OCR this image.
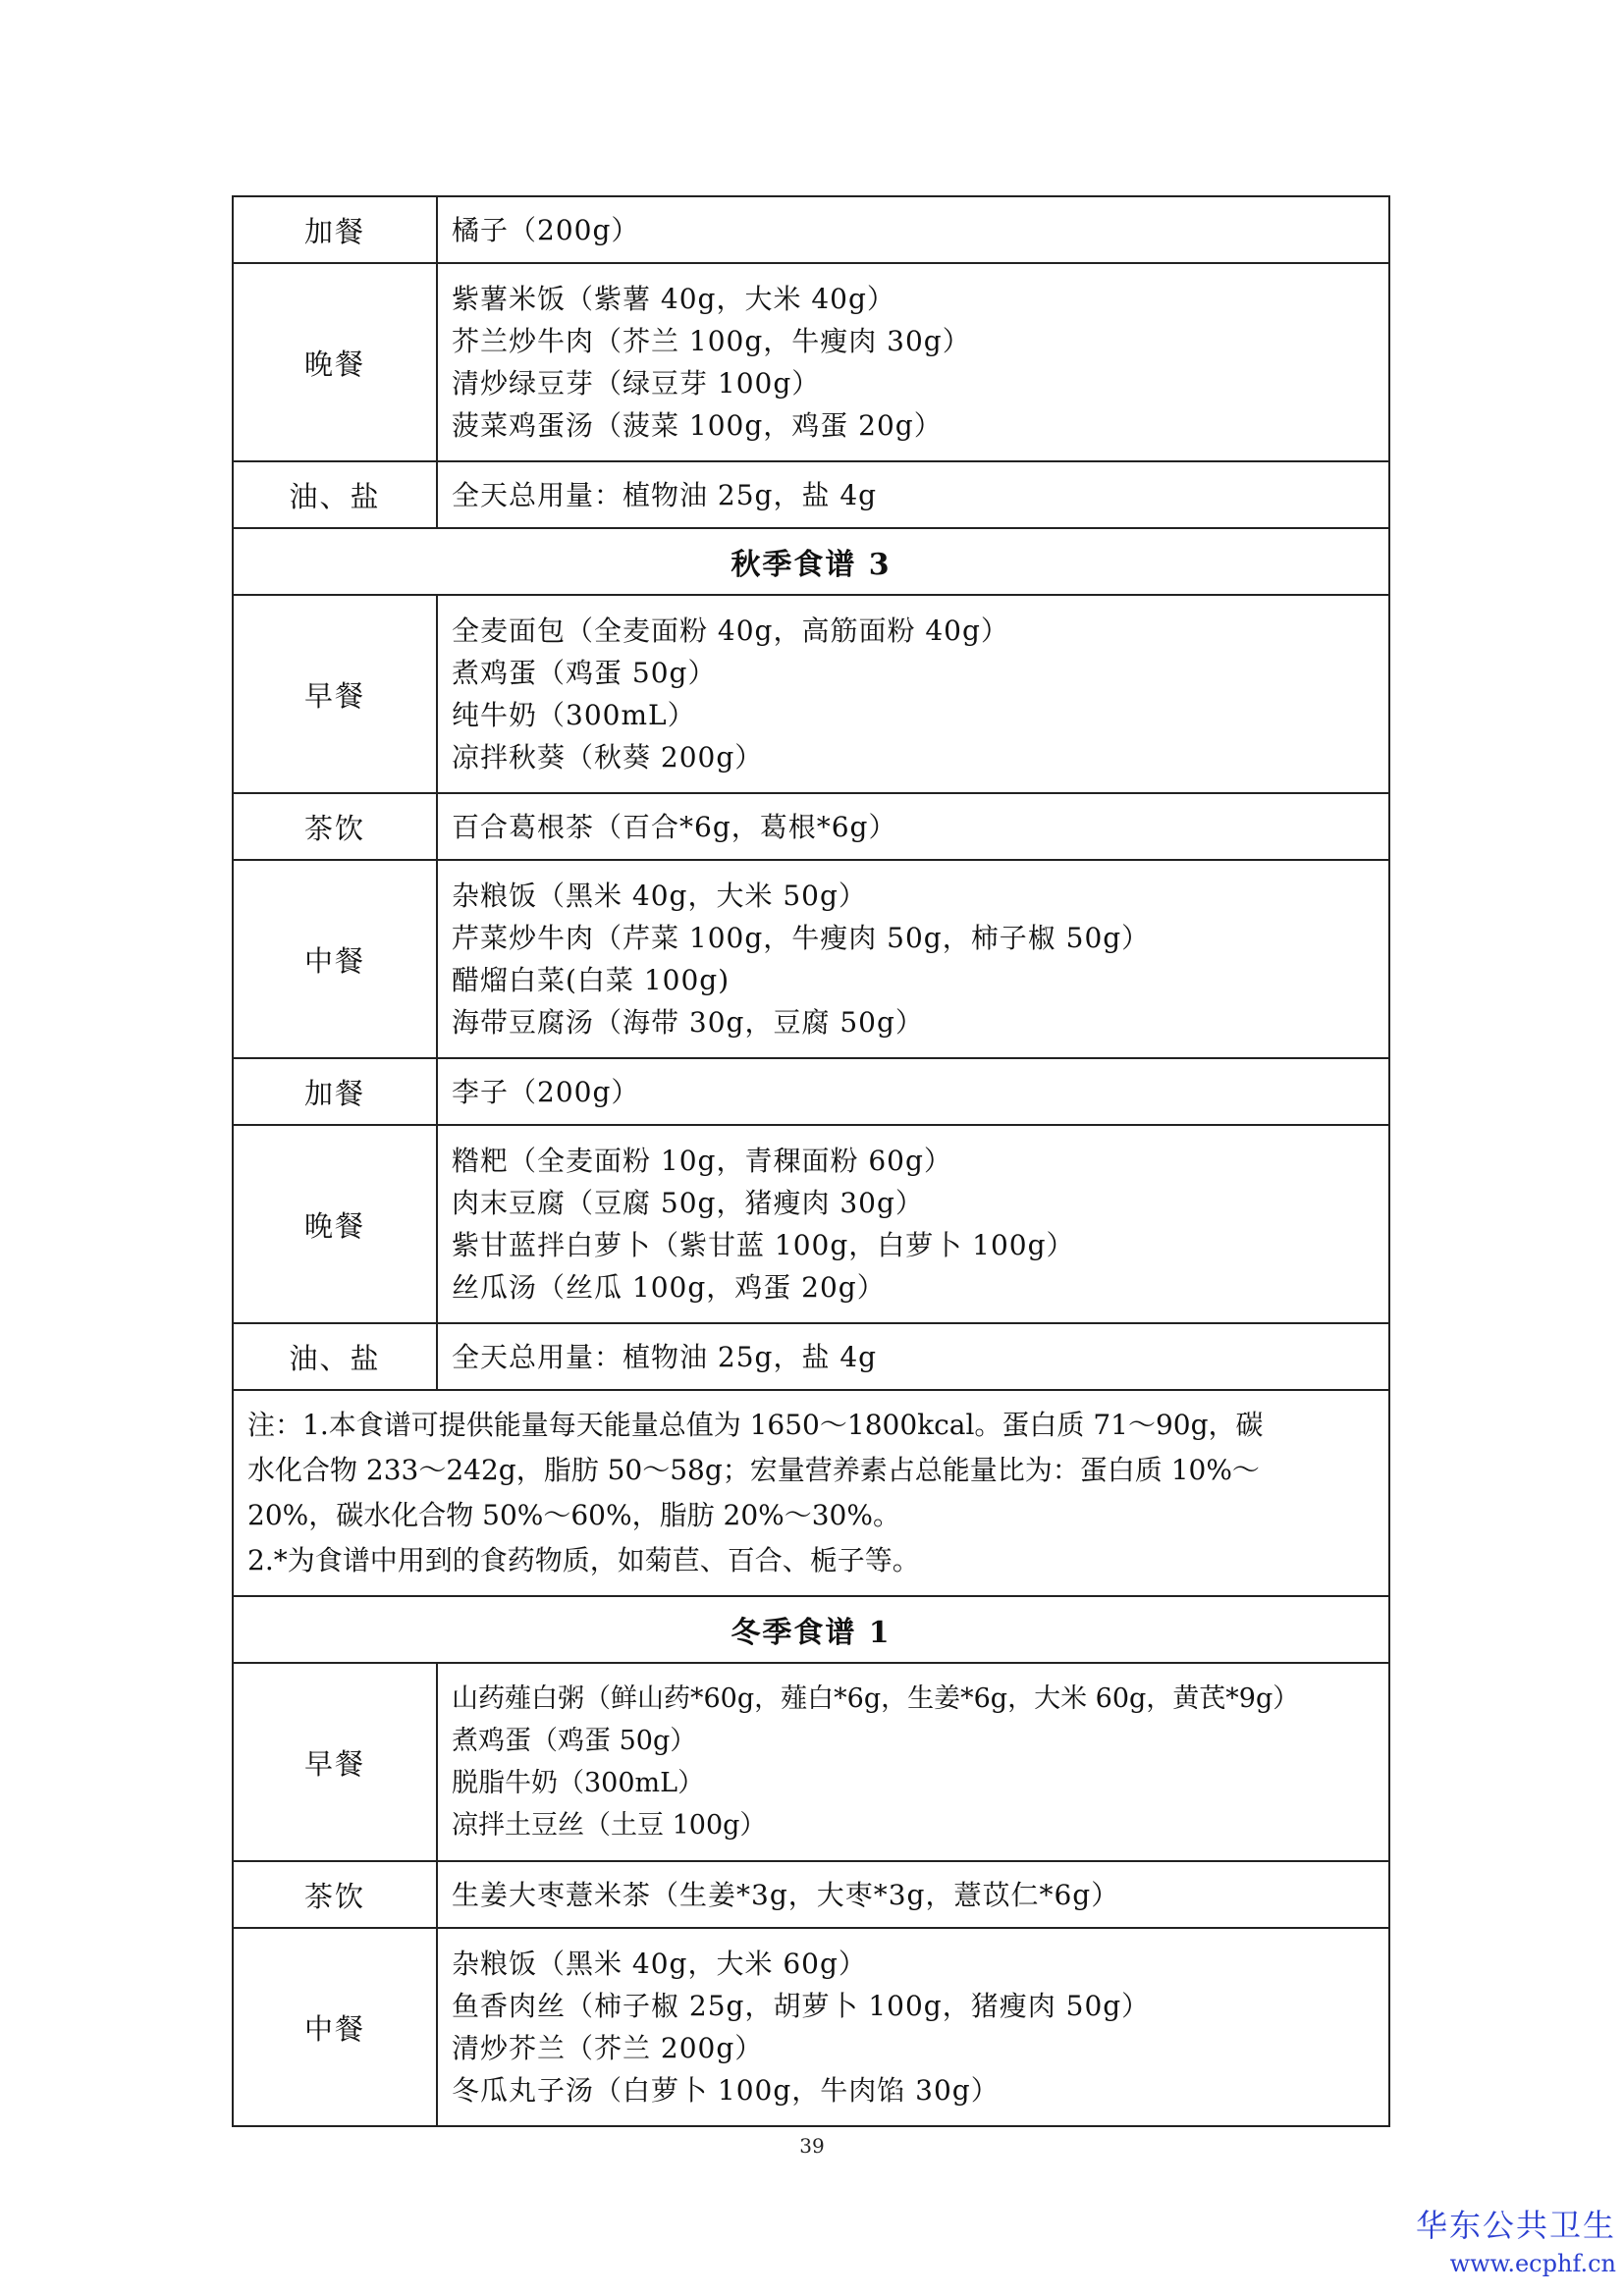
加餐	橘子（200g）

晚餐	紫薯米饭（紫薯 40g，大米 40g）
芥兰炒牛肉（芥兰 100g，牛瘦肉 30g）
清炒绿豆芽（绿豆芽 100g）
菠菜鸡蛋汤（菠菜 100g，鸡蛋 20g）

油、盐	全天总用量：植物油 25g，盐 4g

秋季食谱 3	
早餐	全麦面包（全麦面粉 40g，高筋面粉 40g）
煮鸡蛋（鸡蛋 50g）
纯牛奶（300mL）
凉拌秋葵（秋葵 200g）

茶饮	百合葛根茶（百合*6g，葛根*6g）

中餐	杂粮饭（黑米 40g，大米 50g）
芹菜炒牛肉（芹菜 100g，牛瘦肉 50g，柿子椒 50g）
醋熘白菜(白菜 100g)
海带豆腐汤（海带 30g，豆腐 50g）

加餐	李子（200g）

晚餐	糌粑（全麦面粉 10g，青稞面粉 60g）
肉末豆腐（豆腐 50g，猪瘦肉 30g）
紫甘蓝拌白萝卜（紫甘蓝 100g，白萝卜 100g）
丝瓜汤（丝瓜 100g，鸡蛋 20g）

油、盐	全天总用量：植物油 25g，盐 4g

注：1.本食谱可提供能量每天能量总值为 1650～1800kcal。蛋白质 71～90g，碳
水化合物 233～242g，脂肪 50～58g；宏量营养素占总能量比为：蛋白质 10%～
20%，碳水化合物 50%～60%，脂肪 20%～30%。
2.*为食谱中用到的食药物质，如菊苣、百合、栀子等。	

冬季食谱 1	
早餐	山药薤白粥（鲜山药*60g，薤白*6g，生姜*6g，大米 60g，黄芪*9g）
煮鸡蛋（鸡蛋 50g）
脱脂牛奶（300mL）
凉拌土豆丝（土豆 100g）

茶饮	生姜大枣薏米茶（生姜*3g，大枣*3g，薏苡仁*6g）

中餐	杂粮饭（黑米 40g，大米 60g）
鱼香肉丝（柿子椒 25g，胡萝卜 100g，猪瘦肉 50g）
清炒芥兰（芥兰 200g）
冬瓜丸子汤（白萝卜 100g，牛肉馅 30g）
39
华东公共卫生
www.ecphf.cn
